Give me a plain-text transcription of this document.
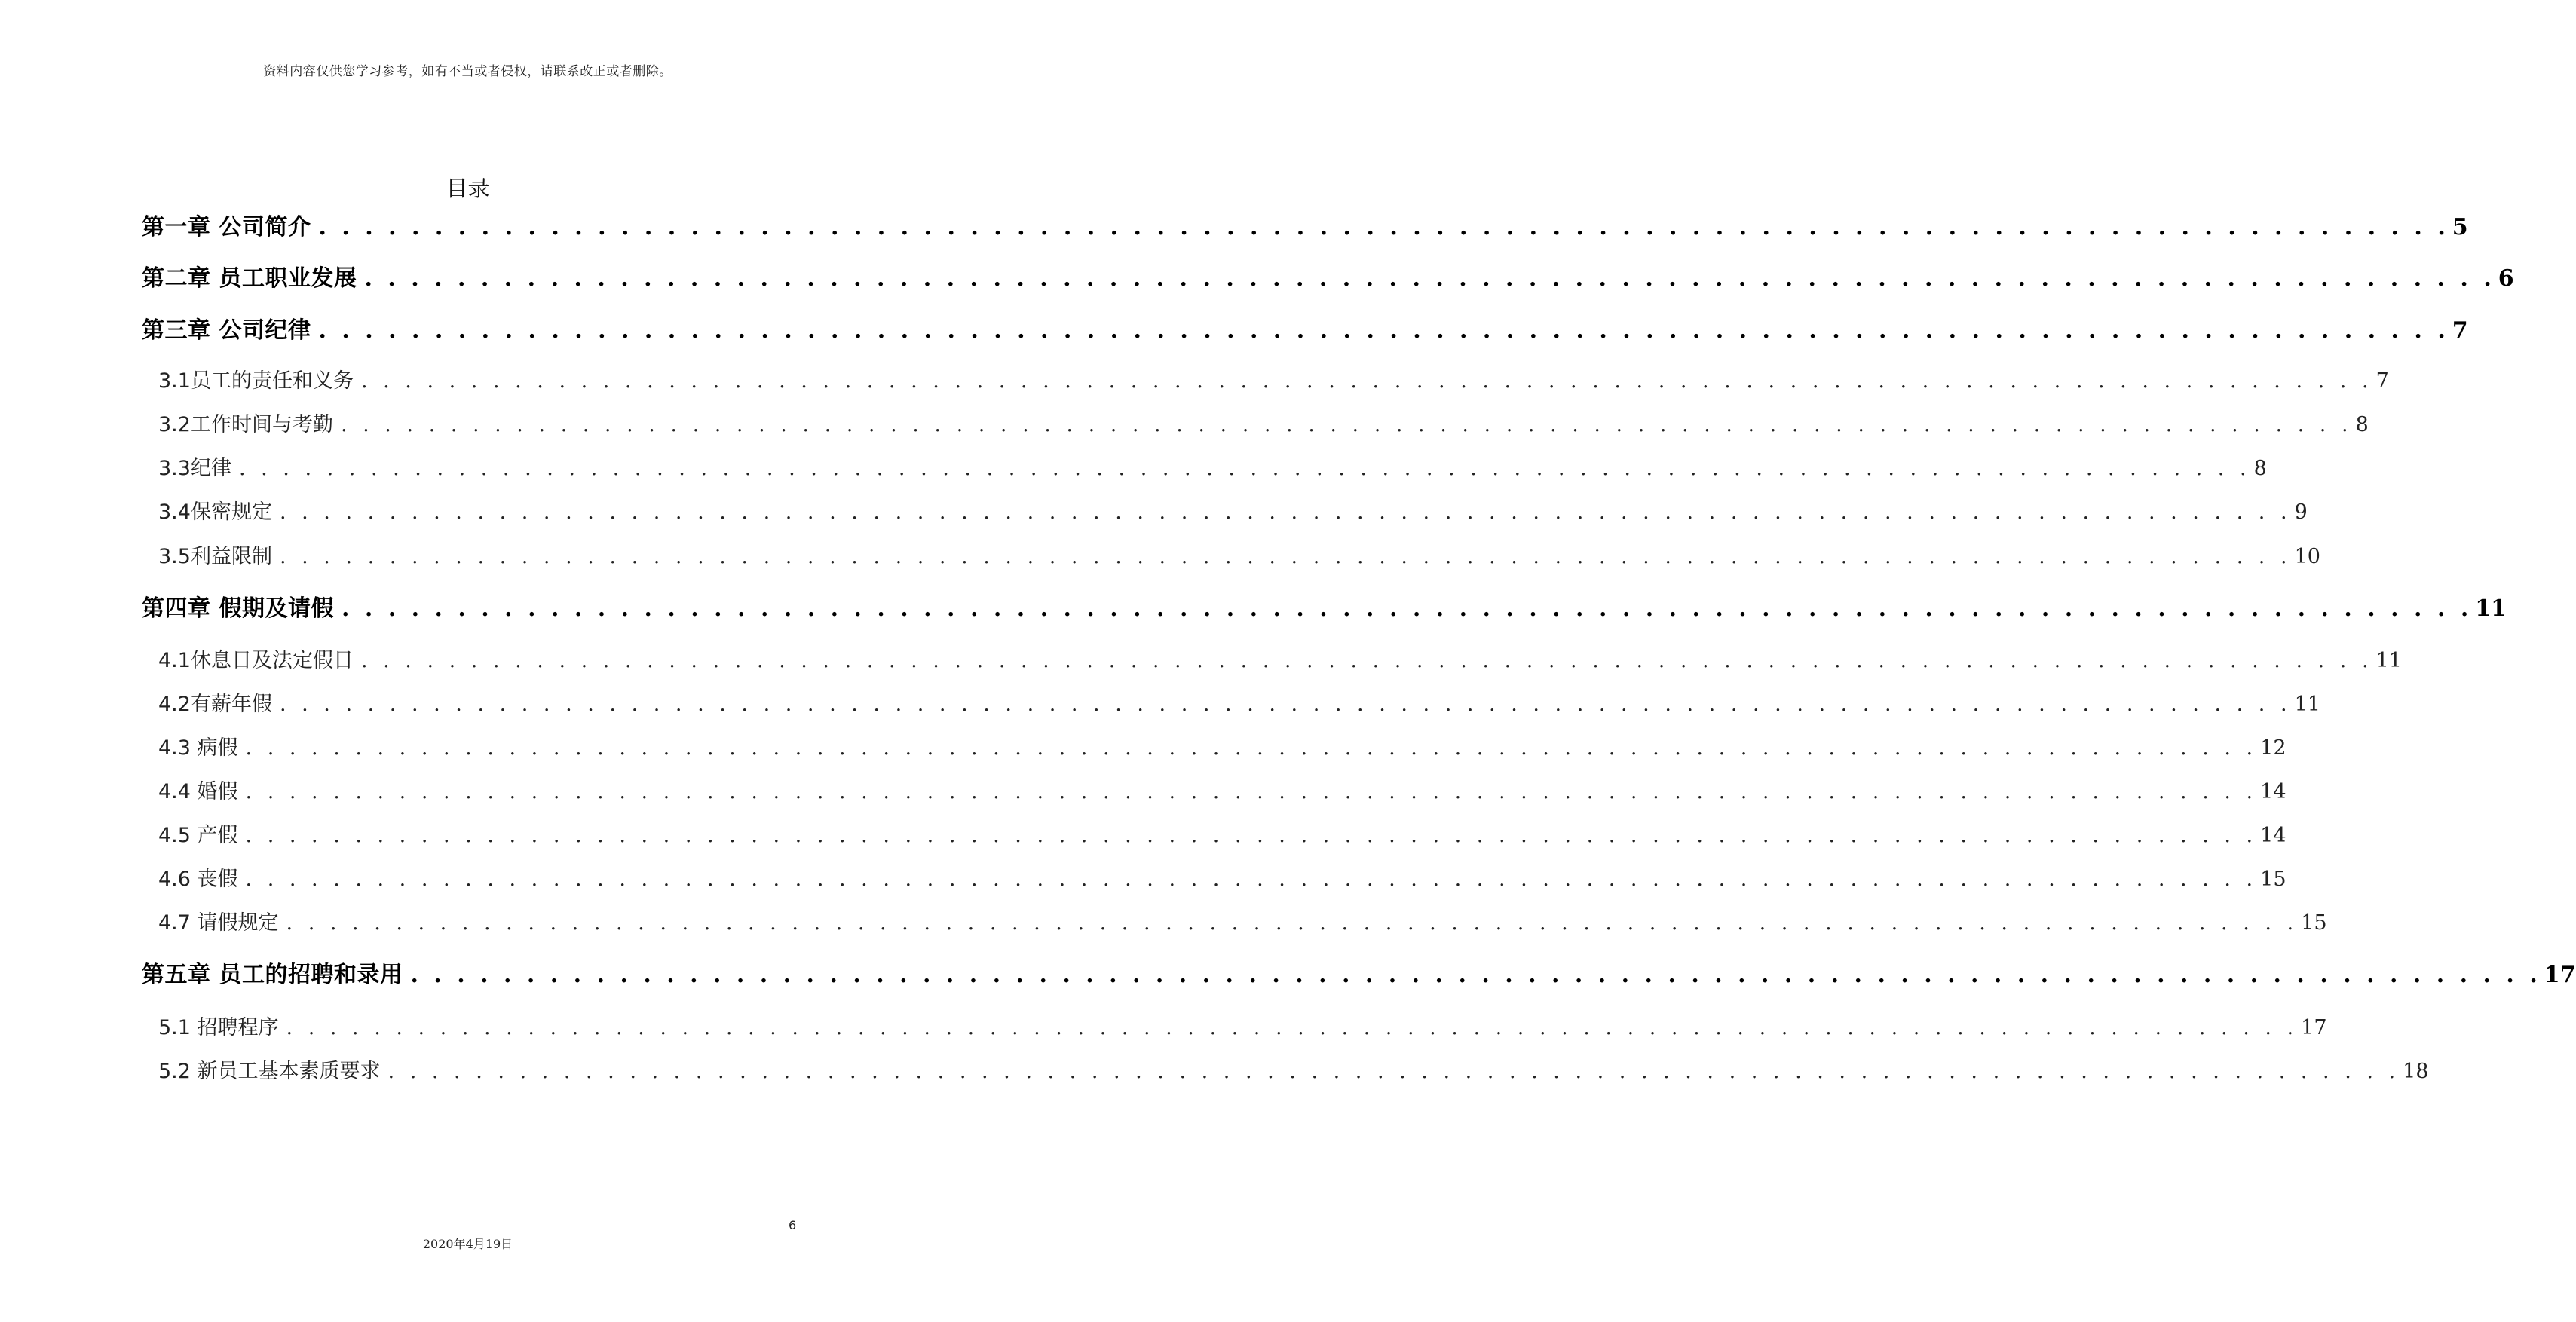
资料内容仅供您学习参考，如有不当或者侵权，请联系改正或者删除。
目录
第一章 公司简介 . . . . . . . . . . . . . . . . . . . . . . . . . . . . . . . . . . . . . . . . . . . . . . . . . . . . . . . . . . . . . . . . . . . . . . . . . . . . . . . . . . . . . . . . . . . . 5
第二章 员工职业发展 . . . . . . . . . . . . . . . . . . . . . . . . . . . . . . . . . . . . . . . . . . . . . . . . . . . . . . . . . . . . . . . . . . . . . . . . . . . . . . . . . . . . . . . . . . . . 6
第三章 公司纪律 . . . . . . . . . . . . . . . . . . . . . . . . . . . . . . . . . . . . . . . . . . . . . . . . . . . . . . . . . . . . . . . . . . . . . . . . . . . . . . . . . . . . . . . . . . . . 7
3.1员工的责任和义务 . . . . . . . . . . . . . . . . . . . . . . . . . . . . . . . . . . . . . . . . . . . . . . . . . . . . . . . . . . . . . . . . . . . . . . . . . . . . . . . . . . . . . . . . . . . . 7
3.2工作时间与考勤 . . . . . . . . . . . . . . . . . . . . . . . . . . . . . . . . . . . . . . . . . . . . . . . . . . . . . . . . . . . . . . . . . . . . . . . . . . . . . . . . . . . . . . . . . . . . 8
3.3纪律 . . . . . . . . . . . . . . . . . . . . . . . . . . . . . . . . . . . . . . . . . . . . . . . . . . . . . . . . . . . . . . . . . . . . . . . . . . . . . . . . . . . . . . . . . . . . 8
3.4保密规定 . . . . . . . . . . . . . . . . . . . . . . . . . . . . . . . . . . . . . . . . . . . . . . . . . . . . . . . . . . . . . . . . . . . . . . . . . . . . . . . . . . . . . . . . . . . . 9
3.5利益限制 . . . . . . . . . . . . . . . . . . . . . . . . . . . . . . . . . . . . . . . . . . . . . . . . . . . . . . . . . . . . . . . . . . . . . . . . . . . . . . . . . . . . . . . . . . . . 10
第四章 假期及请假 . . . . . . . . . . . . . . . . . . . . . . . . . . . . . . . . . . . . . . . . . . . . . . . . . . . . . . . . . . . . . . . . . . . . . . . . . . . . . . . . . . . . . . . . . . . . 11
4.1休息日及法定假日 . . . . . . . . . . . . . . . . . . . . . . . . . . . . . . . . . . . . . . . . . . . . . . . . . . . . . . . . . . . . . . . . . . . . . . . . . . . . . . . . . . . . . . . . . . . . 11
4.2有薪年假 . . . . . . . . . . . . . . . . . . . . . . . . . . . . . . . . . . . . . . . . . . . . . . . . . . . . . . . . . . . . . . . . . . . . . . . . . . . . . . . . . . . . . . . . . . . . 11
4.3 病假 . . . . . . . . . . . . . . . . . . . . . . . . . . . . . . . . . . . . . . . . . . . . . . . . . . . . . . . . . . . . . . . . . . . . . . . . . . . . . . . . . . . . . . . . . . . . 12
4.4 婚假 . . . . . . . . . . . . . . . . . . . . . . . . . . . . . . . . . . . . . . . . . . . . . . . . . . . . . . . . . . . . . . . . . . . . . . . . . . . . . . . . . . . . . . . . . . . . 14
4.5 产假 . . . . . . . . . . . . . . . . . . . . . . . . . . . . . . . . . . . . . . . . . . . . . . . . . . . . . . . . . . . . . . . . . . . . . . . . . . . . . . . . . . . . . . . . . . . . 14
4.6 丧假 . . . . . . . . . . . . . . . . . . . . . . . . . . . . . . . . . . . . . . . . . . . . . . . . . . . . . . . . . . . . . . . . . . . . . . . . . . . . . . . . . . . . . . . . . . . . 15
4.7 请假规定 . . . . . . . . . . . . . . . . . . . . . . . . . . . . . . . . . . . . . . . . . . . . . . . . . . . . . . . . . . . . . . . . . . . . . . . . . . . . . . . . . . . . . . . . . . . . 15
第五章 员工的招聘和录用 . . . . . . . . . . . . . . . . . . . . . . . . . . . . . . . . . . . . . . . . . . . . . . . . . . . . . . . . . . . . . . . . . . . . . . . . . . . . . . . . . . . . . . . . . . . . 17
5.1 招聘程序 . . . . . . . . . . . . . . . . . . . . . . . . . . . . . . . . . . . . . . . . . . . . . . . . . . . . . . . . . . . . . . . . . . . . . . . . . . . . . . . . . . . . . . . . . . . . 17
5.2 新员工基本素质要求 . . . . . . . . . . . . . . . . . . . . . . . . . . . . . . . . . . . . . . . . . . . . . . . . . . . . . . . . . . . . . . . . . . . . . . . . . . . . . . . . . . . . . . . . . . . . 18
6
2020年4月19日
